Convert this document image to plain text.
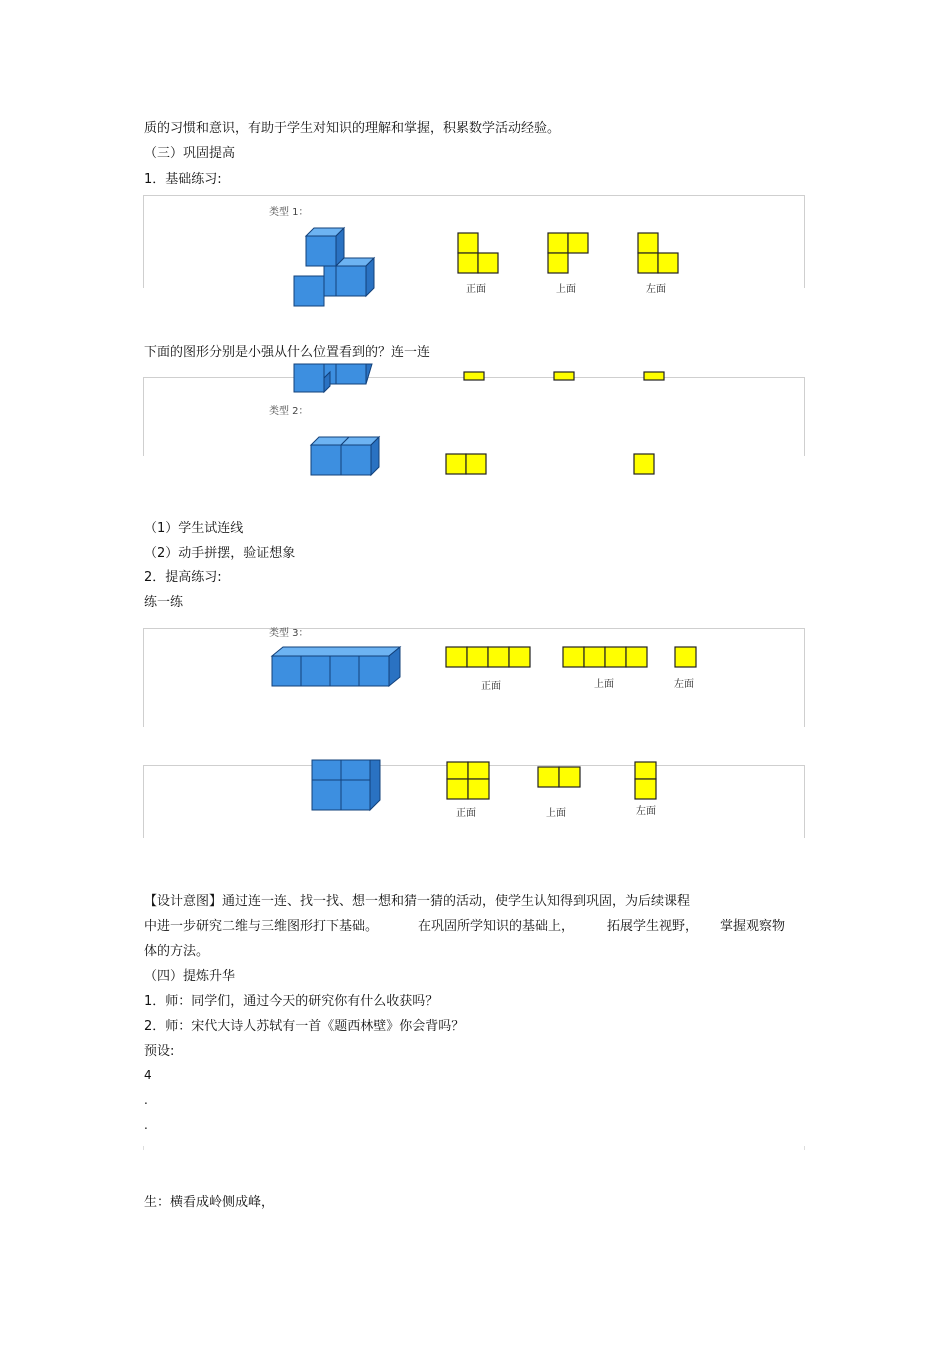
质的习惯和意识，有助于学生对知识的理解和掌握，积累数学活动经验。
（三）巩固提高
1．基础练习:
类型 1：
正面	上面	左面
下面的图形分别是小强从什么位置看到的？连一连
类型 2：
（1）学生试连线
（2）动手拼摆，验证想象
2．提高练习:
练一练
类型 3：
正面	上面	左面
正面	上面	左面
【设计意图】通过连一连、找一找、想一想和猜一猜的活动，使学生认知得到巩固，为后续课程
中进一步研究二维与三维图形打下基础。	在巩固所学知识的基础上，	拓展学生视野， 掌握观察物
体的方法。
（四）提炼升华
1．师：同学们，通过今天的研究你有什么收获吗？
2．师：宋代大诗人苏轼有一首《题西林壁》你会背吗？
预设:
4
.
.
生：横看成岭侧成峰，
